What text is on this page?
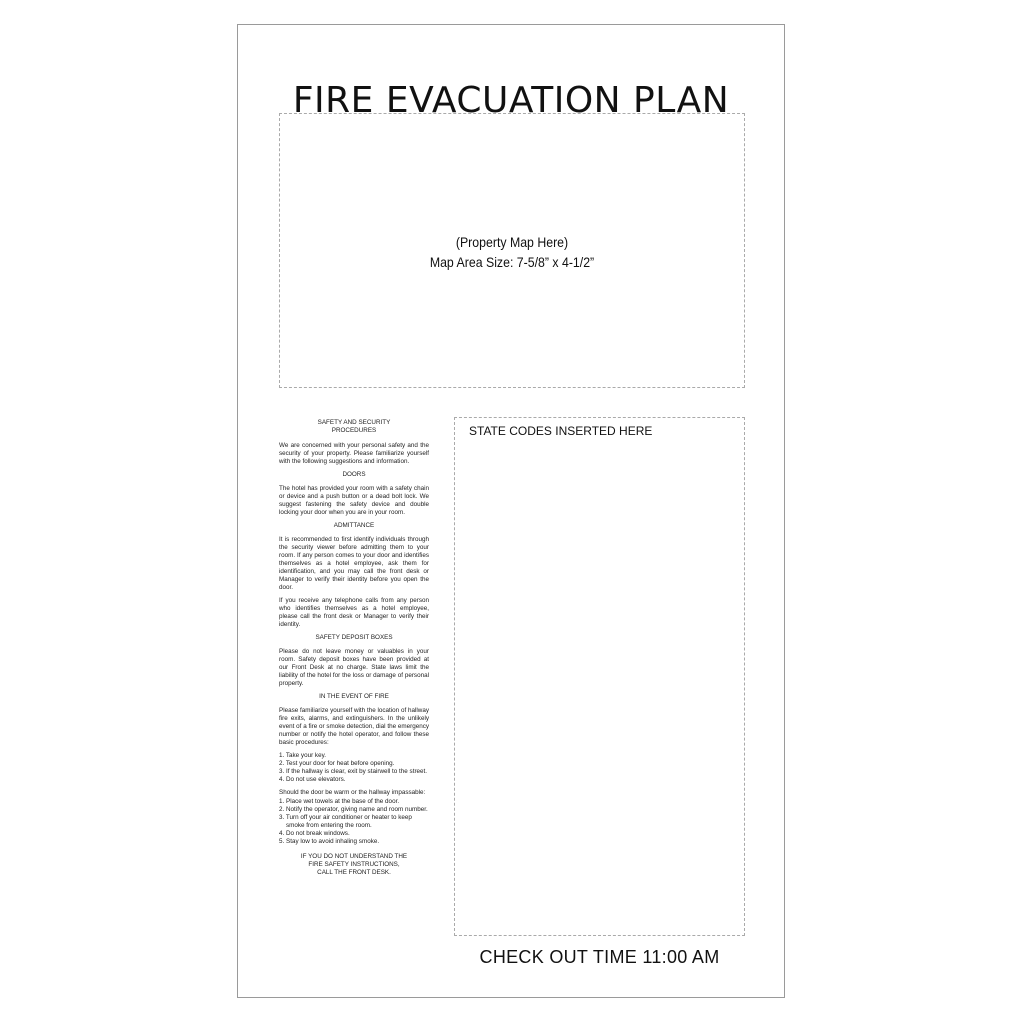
FIRE EVACUATION PLAN
(Property Map Here)
Map Area Size: 7-5/8” x 4-1/2”
SAFETY AND SECURITY
PROCEDURES
We are concerned with your personal safety and the security of your property. Please familiarize yourself with the following suggestions and information.
DOORS
The hotel has provided your room with a safety chain or device and a push button or a dead bolt lock. We suggest fastening the safety device and double locking your door when you are in your room.
ADMITTANCE
It is recommended to first identify individuals through the security viewer before admitting them to your room. If any person comes to your door and identifies themselves as a hotel employee, ask them for identification, and you may call the front desk or Manager to verify their identity before you open the door.
If you receive any telephone calls from any person who identifies themselves as a hotel employee, please call the front desk or Manager to verify their identity.
SAFETY DEPOSIT BOXES
Please do not leave money or valuables in your room. Safety deposit boxes have been provided at our Front Desk at no charge. State laws limit the liability of the hotel for the loss or damage of personal property.
IN THE EVENT OF FIRE
Please familiarize yourself with the location of hallway fire exits, alarms, and extinguishers. In the unlikely event of a fire or smoke detection, dial the emergency number or notify the hotel operator, and follow these basic procedures:
1. Take your key.
2. Test your door for heat before opening.
3. If the hallway is clear, exit by stairwell to the street.
4. Do not use elevators.
Should the door be warm or the hallway impassable:
1. Place wet towels at the base of the door.
2. Notify the operator, giving name and room number.
3. Turn off your air conditioner or heater to keep smoke from entering the room.
4. Do not break windows.
5. Stay low to avoid inhaling smoke.
IF YOU DO NOT UNDERSTAND THE
FIRE SAFETY INSTRUCTIONS,
CALL THE FRONT DESK.
STATE CODES INSERTED HERE
CHECK OUT TIME 11:00 AM
